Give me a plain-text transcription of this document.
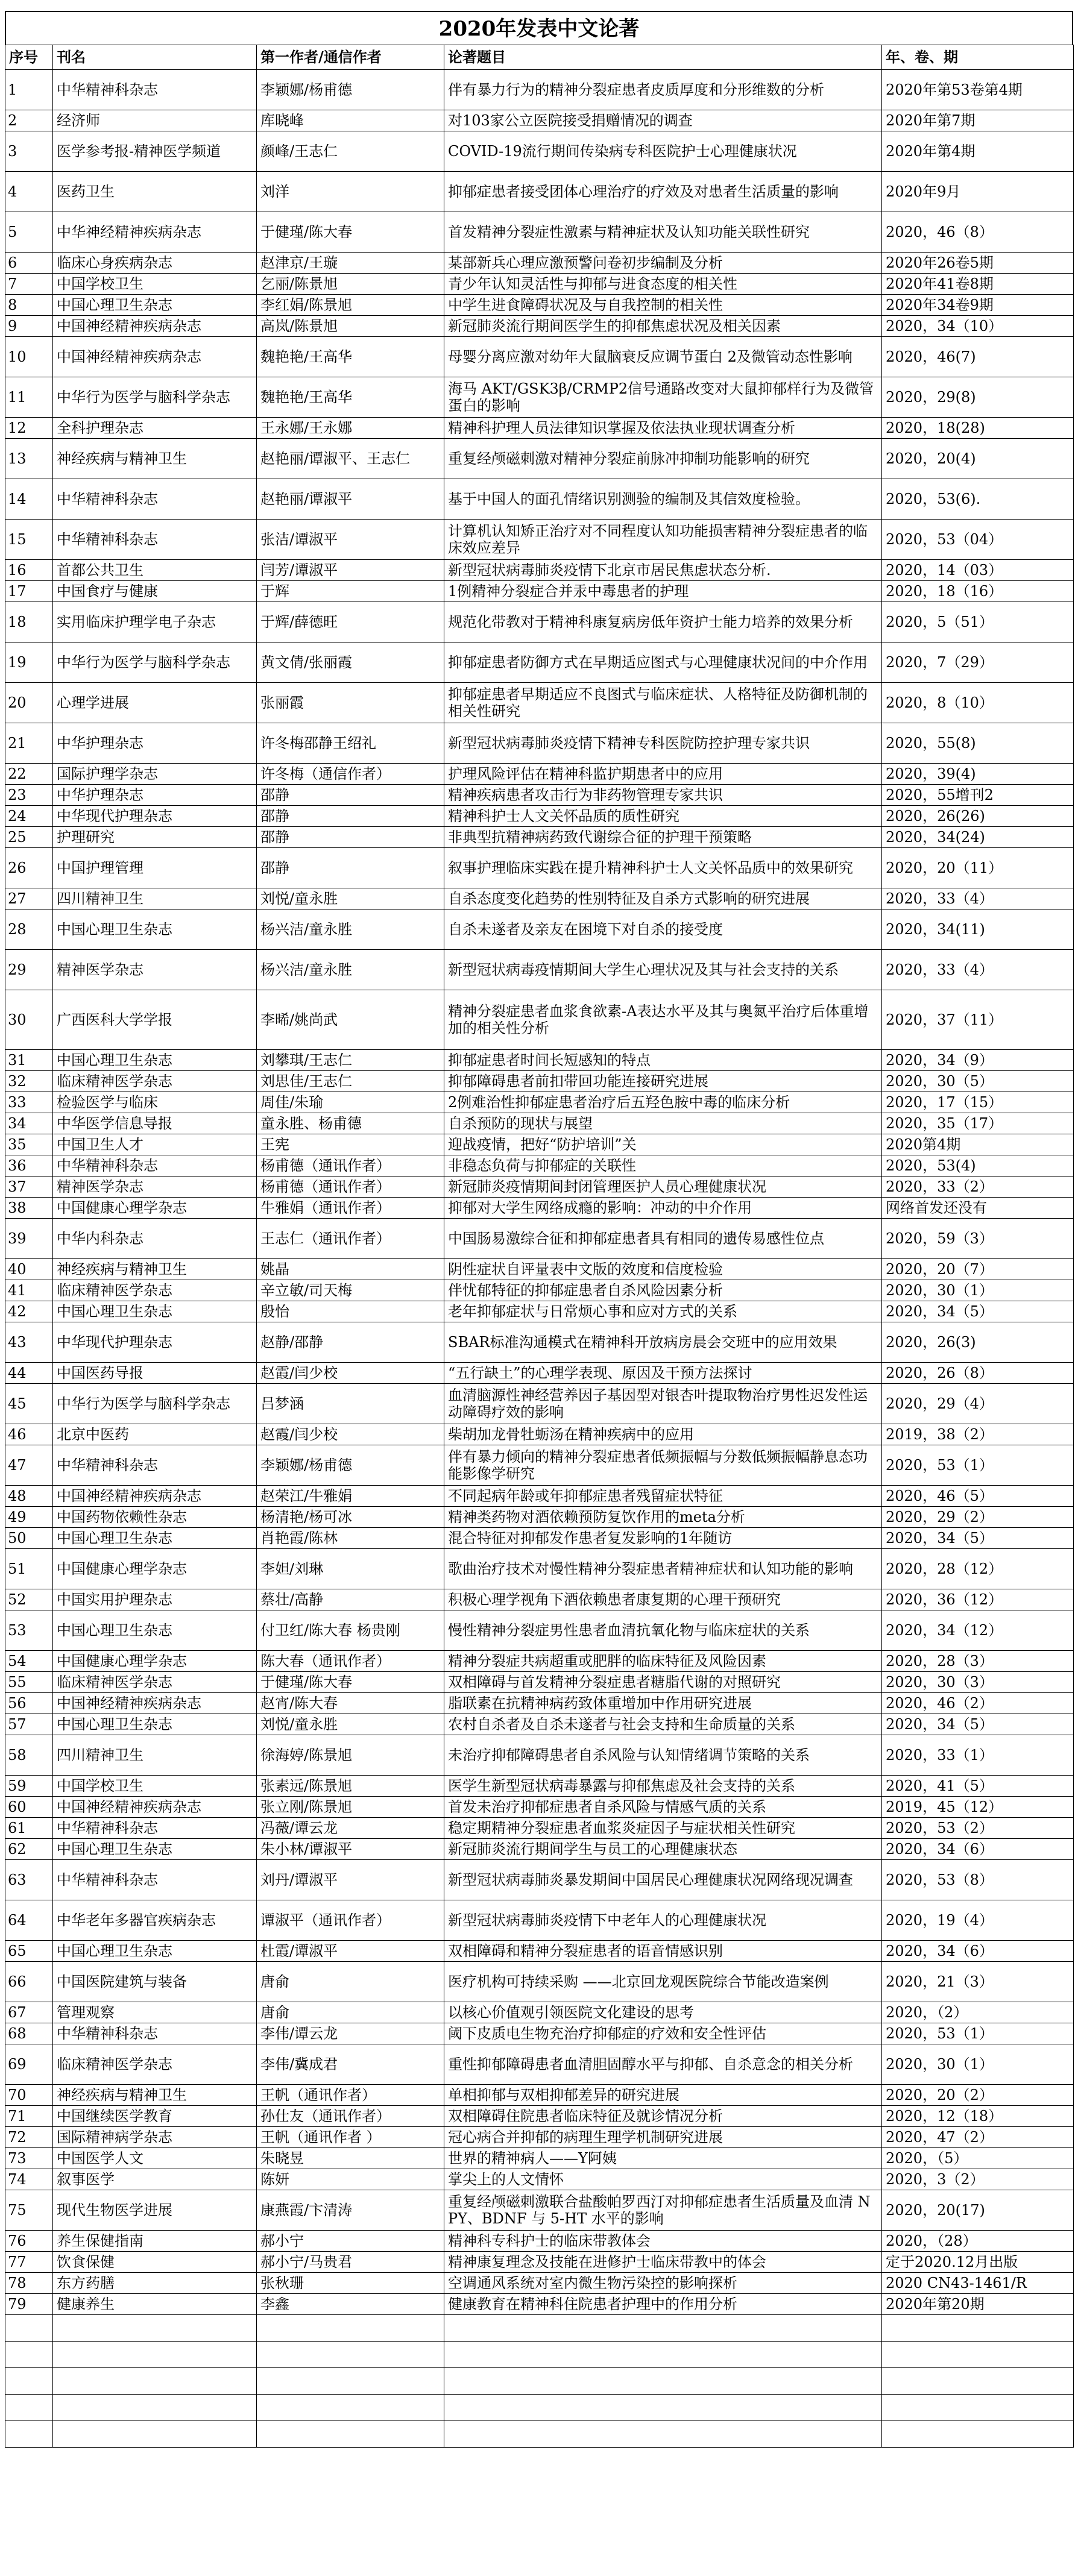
2020年发表中文论著
序号	刊名	第一作者/通信作者	论著题目	年、卷、期
1	中华精神科杂志	李颖娜/杨甫德	伴有暴力行为的精神分裂症患者皮质厚度和分形维数的分析	2020年第53卷第4期
2	经济师	库晓峰	对103家公立医院接受捐赠情况的调查	2020年第7期
3	医学参考报-精神医学频道	颜峰/王志仁	COVID-19流行期间传染病专科医院护士心理健康状况	2020年第4期
4	医药卫生	刘洋	抑郁症患者接受团体心理治疗的疗效及对患者生活质量的影响	2020年9月
5	中华神经精神疾病杂志	于健瑾/陈大春	首发精神分裂症性激素与精神症状及认知功能关联性研究	2020，46（8）
6	临床心身疾病杂志	赵津京/王璇	某部新兵心理应激预警问卷初步编制及分析	2020年26卷5期
7	中国学校卫生	乞丽/陈景旭	青少年认知灵活性与抑郁与进食态度的相关性	2020年41卷8期
8	中国心理卫生杂志	李红娟/陈景旭	中学生进食障碍状况及与自我控制的相关性	2020年34卷9期
9	中国神经精神疾病杂志	高岚/陈景旭	新冠肺炎流行期间医学生的抑郁焦虑状况及相关因素	2020，34（10）
10	中国神经精神疾病杂志	魏艳艳/王高华	母婴分离应激对幼年大鼠脑衰反应调节蛋白 2及微管动态性影响	2020，46(7)
11	中华行为医学与脑科学杂志	魏艳艳/王高华	海马 AKT/GSK3β/CRMP2信号通路改变对大鼠抑郁样行为及微管蛋白的影响	2020，29(8)
12	全科护理杂志	王永娜/王永娜	精神科护理人员法律知识掌握及依法执业现状调查分析	2020，18(28)
13	神经疾病与精神卫生	赵艳丽/谭淑平、王志仁	重复经颅磁刺激对精神分裂症前脉冲抑制功能影响的研究	2020，20(4)
14	中华精神科杂志	赵艳丽/谭淑平	基于中国人的面孔情绪识别测验的编制及其信效度检验。	2020，53(6).
15	中华精神科杂志	张洁/谭淑平	计算机认知矫正治疗对不同程度认知功能损害精神分裂症患者的临床效应差异	2020，53（04）
16	首都公共卫生	闫芳/谭淑平	新型冠状病毒肺炎疫情下北京市居民焦虑状态分析.	2020，14（03）
17	中国食疗与健康	于辉	1例精神分裂症合并汞中毒患者的护理	2020，18（16）
18	实用临床护理学电子杂志	于辉/薛德旺	规范化带教对于精神科康复病房低年资护士能力培养的效果分析	2020，5（51）
19	中华行为医学与脑科学杂志	黄文倩/张丽霞	抑郁症患者防御方式在早期适应图式与心理健康状况间的中介作用	2020，7（29）
20	心理学进展	张丽霞	抑郁症患者早期适应不良图式与临床症状、人格特征及防御机制的相关性研究	2020，8（10）
21	中华护理杂志	许冬梅邵静王绍礼	新型冠状病毒肺炎疫情下精神专科医院防控护理专家共识	2020，55(8)
22	国际护理学杂志	许冬梅（通信作者）	护理风险评估在精神科监护期患者中的应用	2020，39(4)
23	中华护理杂志	邵静	精神疾病患者攻击行为非药物管理专家共识	2020，55增刊2
24	中华现代护理杂志	邵静	精神科护士人文关怀品质的质性研究	2020，26(26)
25	护理研究	邵静	非典型抗精神病药致代谢综合征的护理干预策略	2020，34(24)
26	中国护理管理	邵静	叙事护理临床实践在提升精神科护士人文关怀品质中的效果研究	2020，20（11）
27	四川精神卫生	刘悦/童永胜	自杀态度变化趋势的性别特征及自杀方式影响的研究进展	2020，33（4）
28	中国心理卫生杂志	杨兴洁/童永胜	自杀未遂者及亲友在困境下对自杀的接受度	2020，34(11)
29	精神医学杂志	杨兴洁/童永胜	新型冠状病毒疫情期间大学生心理状况及其与社会支持的关系	2020，33（4）
30	广西医科大学学报	李晞/姚尚武	精神分裂症患者血浆食欲素-A表达水平及其与奥氮平治疗后体重增加的相关性分析	2020，37（11）
31	中国心理卫生杂志	刘攀琪/王志仁	抑郁症患者时间长短感知的特点	2020，34（9）
32	临床精神医学杂志	刘思佳/王志仁	抑郁障碍患者前扣带回功能连接研究进展	2020，30（5）
33	检验医学与临床	周佳/朱瑜	2例难治性抑郁症患者治疗后五羟色胺中毒的临床分析	2020，17（15）
34	中华医学信息导报	童永胜、杨甫德	自杀预防的现状与展望	2020，35（17）
35	中国卫生人才	王宪	迎战疫情，把好“防护培训”关	2020第4期
36	中华精神科杂志	杨甫德（通讯作者）	非稳态负荷与抑郁症的关联性	2020，53(4)
37	精神医学杂志	杨甫德（通讯作者）	新冠肺炎疫情期间封闭管理医护人员心理健康状况	2020，33（2）
38	中国健康心理学杂志	牛雅娟（通讯作者）	抑郁对大学生网络成瘾的影响：冲动的中介作用	网络首发还没有
39	中华内科杂志	王志仁（通讯作者）	中国肠易激综合征和抑郁症患者具有相同的遗传易感性位点	2020，59（3）
40	神经疾病与精神卫生	姚晶	阴性症状自评量表中文版的效度和信度检验	2020，20（7）
41	临床精神医学杂志	辛立敏/司天梅	伴忧郁特征的抑郁症患者自杀风险因素分析	2020，30（1）
42	中国心理卫生杂志	殷怡	老年抑郁症状与日常烦心事和应对方式的关系	2020，34（5）
43	中华现代护理杂志	赵静/邵静	SBAR标准沟通模式在精神科开放病房晨会交班中的应用效果	2020，26(3)
44	中国医药导报	赵霞/闫少校	“五行缺土”的心理学表现、原因及干预方法探讨	2020，26（8）
45	中华行为医学与脑科学杂志	吕梦涵	血清脑源性神经营养因子基因型对银杏叶提取物治疗男性迟发性运动障碍疗效的影响	2020，29（4）
46	北京中医药	赵霞/闫少校	柴胡加龙骨牡蛎汤在精神疾病中的应用	2019，38（2）
47	中华精神科杂志	李颖娜/杨甫德	伴有暴力倾向的精神分裂症患者低频振幅与分数低频振幅静息态功能影像学研究	2020，53（1）
48	中国神经精神疾病杂志	赵荣江/牛雅娟	不同起病年龄或年抑郁症患者残留症状特征	2020，46（5）
49	中国药物依赖性杂志	杨清艳/杨可冰	精神类药物对酒依赖预防复饮作用的meta分析	2020，29（2）
50	中国心理卫生杂志	肖艳霞/陈林	混合特征对抑郁发作患者复发影响的1年随访	2020，34（5）
51	中国健康心理学杂志	李妲/刘琳	歌曲治疗技术对慢性精神分裂症患者精神症状和认知功能的影响	2020，28（12）
52	中国实用护理杂志	蔡壮/高静	积极心理学视角下酒依赖患者康复期的心理干预研究	2020，36（12）
53	中国心理卫生杂志	付卫红/陈大春 杨贵刚	慢性精神分裂症男性患者血清抗氧化物与临床症状的关系	2020，34（12）
54	中国健康心理学杂志	陈大春（通讯作者）	精神分裂症共病超重或肥胖的临床特征及风险因素	2020，28（3）
55	临床精神医学杂志	于健瑾/陈大春	双相障碍与首发精神分裂症患者糖脂代谢的对照研究	2020，30（3）
56	中国神经精神疾病杂志	赵宵/陈大春	脂联素在抗精神病药致体重增加中作用研究进展	2020，46（2）
57	中国心理卫生杂志	刘悦/童永胜	农村自杀者及自杀未遂者与社会支持和生命质量的关系	2020，34（5）
58	四川精神卫生	徐海婷/陈景旭	未治疗抑郁障碍患者自杀风险与认知情绪调节策略的关系	2020，33（1）
59	中国学校卫生	张素远/陈景旭	医学生新型冠状病毒暴露与抑郁焦虑及社会支持的关系	2020，41（5）
60	中国神经精神疾病杂志	张立刚/陈景旭	首发未治疗抑郁症患者自杀风险与情感气质的关系	2019，45（12）
61	中华精神科杂志	冯薇/谭云龙	稳定期精神分裂症患者血浆炎症因子与症状相关性研究	2020，53（2）
62	中国心理卫生杂志	朱小林/谭淑平	新冠肺炎流行期间学生与员工的心理健康状态	2020，34（6）
63	中华精神科杂志	刘丹/谭淑平	新型冠状病毒肺炎暴发期间中国居民心理健康状况网络现况调查	2020，53（8）
64	中华老年多器官疾病杂志	谭淑平（通讯作者）	新型冠状病毒肺炎疫情下中老年人的心理健康状况	2020，19（4）
65	中国心理卫生杂志	杜霞/谭淑平	双相障碍和精神分裂症患者的语音情感识别	2020，34（6）
66	中国医院建筑与装备	唐俞	医疗机构可持续采购 ——北京回龙观医院综合节能改造案例	2020，21（3）
67	管理观察	唐俞	以核心价值观引领医院文化建设的思考	2020，（2）
68	中华精神科杂志	李伟/谭云龙	阈下皮质电生物充治疗抑郁症的疗效和安全性评估	2020，53（1）
69	临床精神医学杂志	李伟/冀成君	重性抑郁障碍患者血清胆固醇水平与抑郁、自杀意念的相关分析	2020，30（1）
70	神经疾病与精神卫生	王帆（通讯作者）	单相抑郁与双相抑郁差异的研究进展	2020，20（2）
71	中国继续医学教育	孙仕友（通讯作者）	双相障碍住院患者临床特征及就诊情况分析	2020，12（18）
72	国际精神病学杂志	王帆（通讯作者 ）	冠心病合并抑郁的病理生理学机制研究进展	2020，47（2）
73	中国医学人文	朱晓昱	世界的精神病人——Y阿姨	2020，（5）
74	叙事医学	陈妍	掌尖上的人文情怀	2020，3（2）
75	现代生物医学进展	康燕霞/卞清涛	重复经颅磁刺激联合盐酸帕罗西汀对抑郁症患者生活质量及血清 NPY、BDNF 与 5-HT 水平的影响	2020，20(17)
76	养生保健指南	郝小宁	精神科专科护士的临床带教体会	2020，（28）
77	饮食保健	郝小宁/马贵君	精神康复理念及技能在进修护士临床带教中的体会	定于2020.12月出版
78	东方药膳	张秋珊	空调通风系统对室内微生物污染控的影响探析	2020 CN43-1461/R
79	健康养生	李鑫	健康教育在精神科住院患者护理中的作用分析	2020年第20期
